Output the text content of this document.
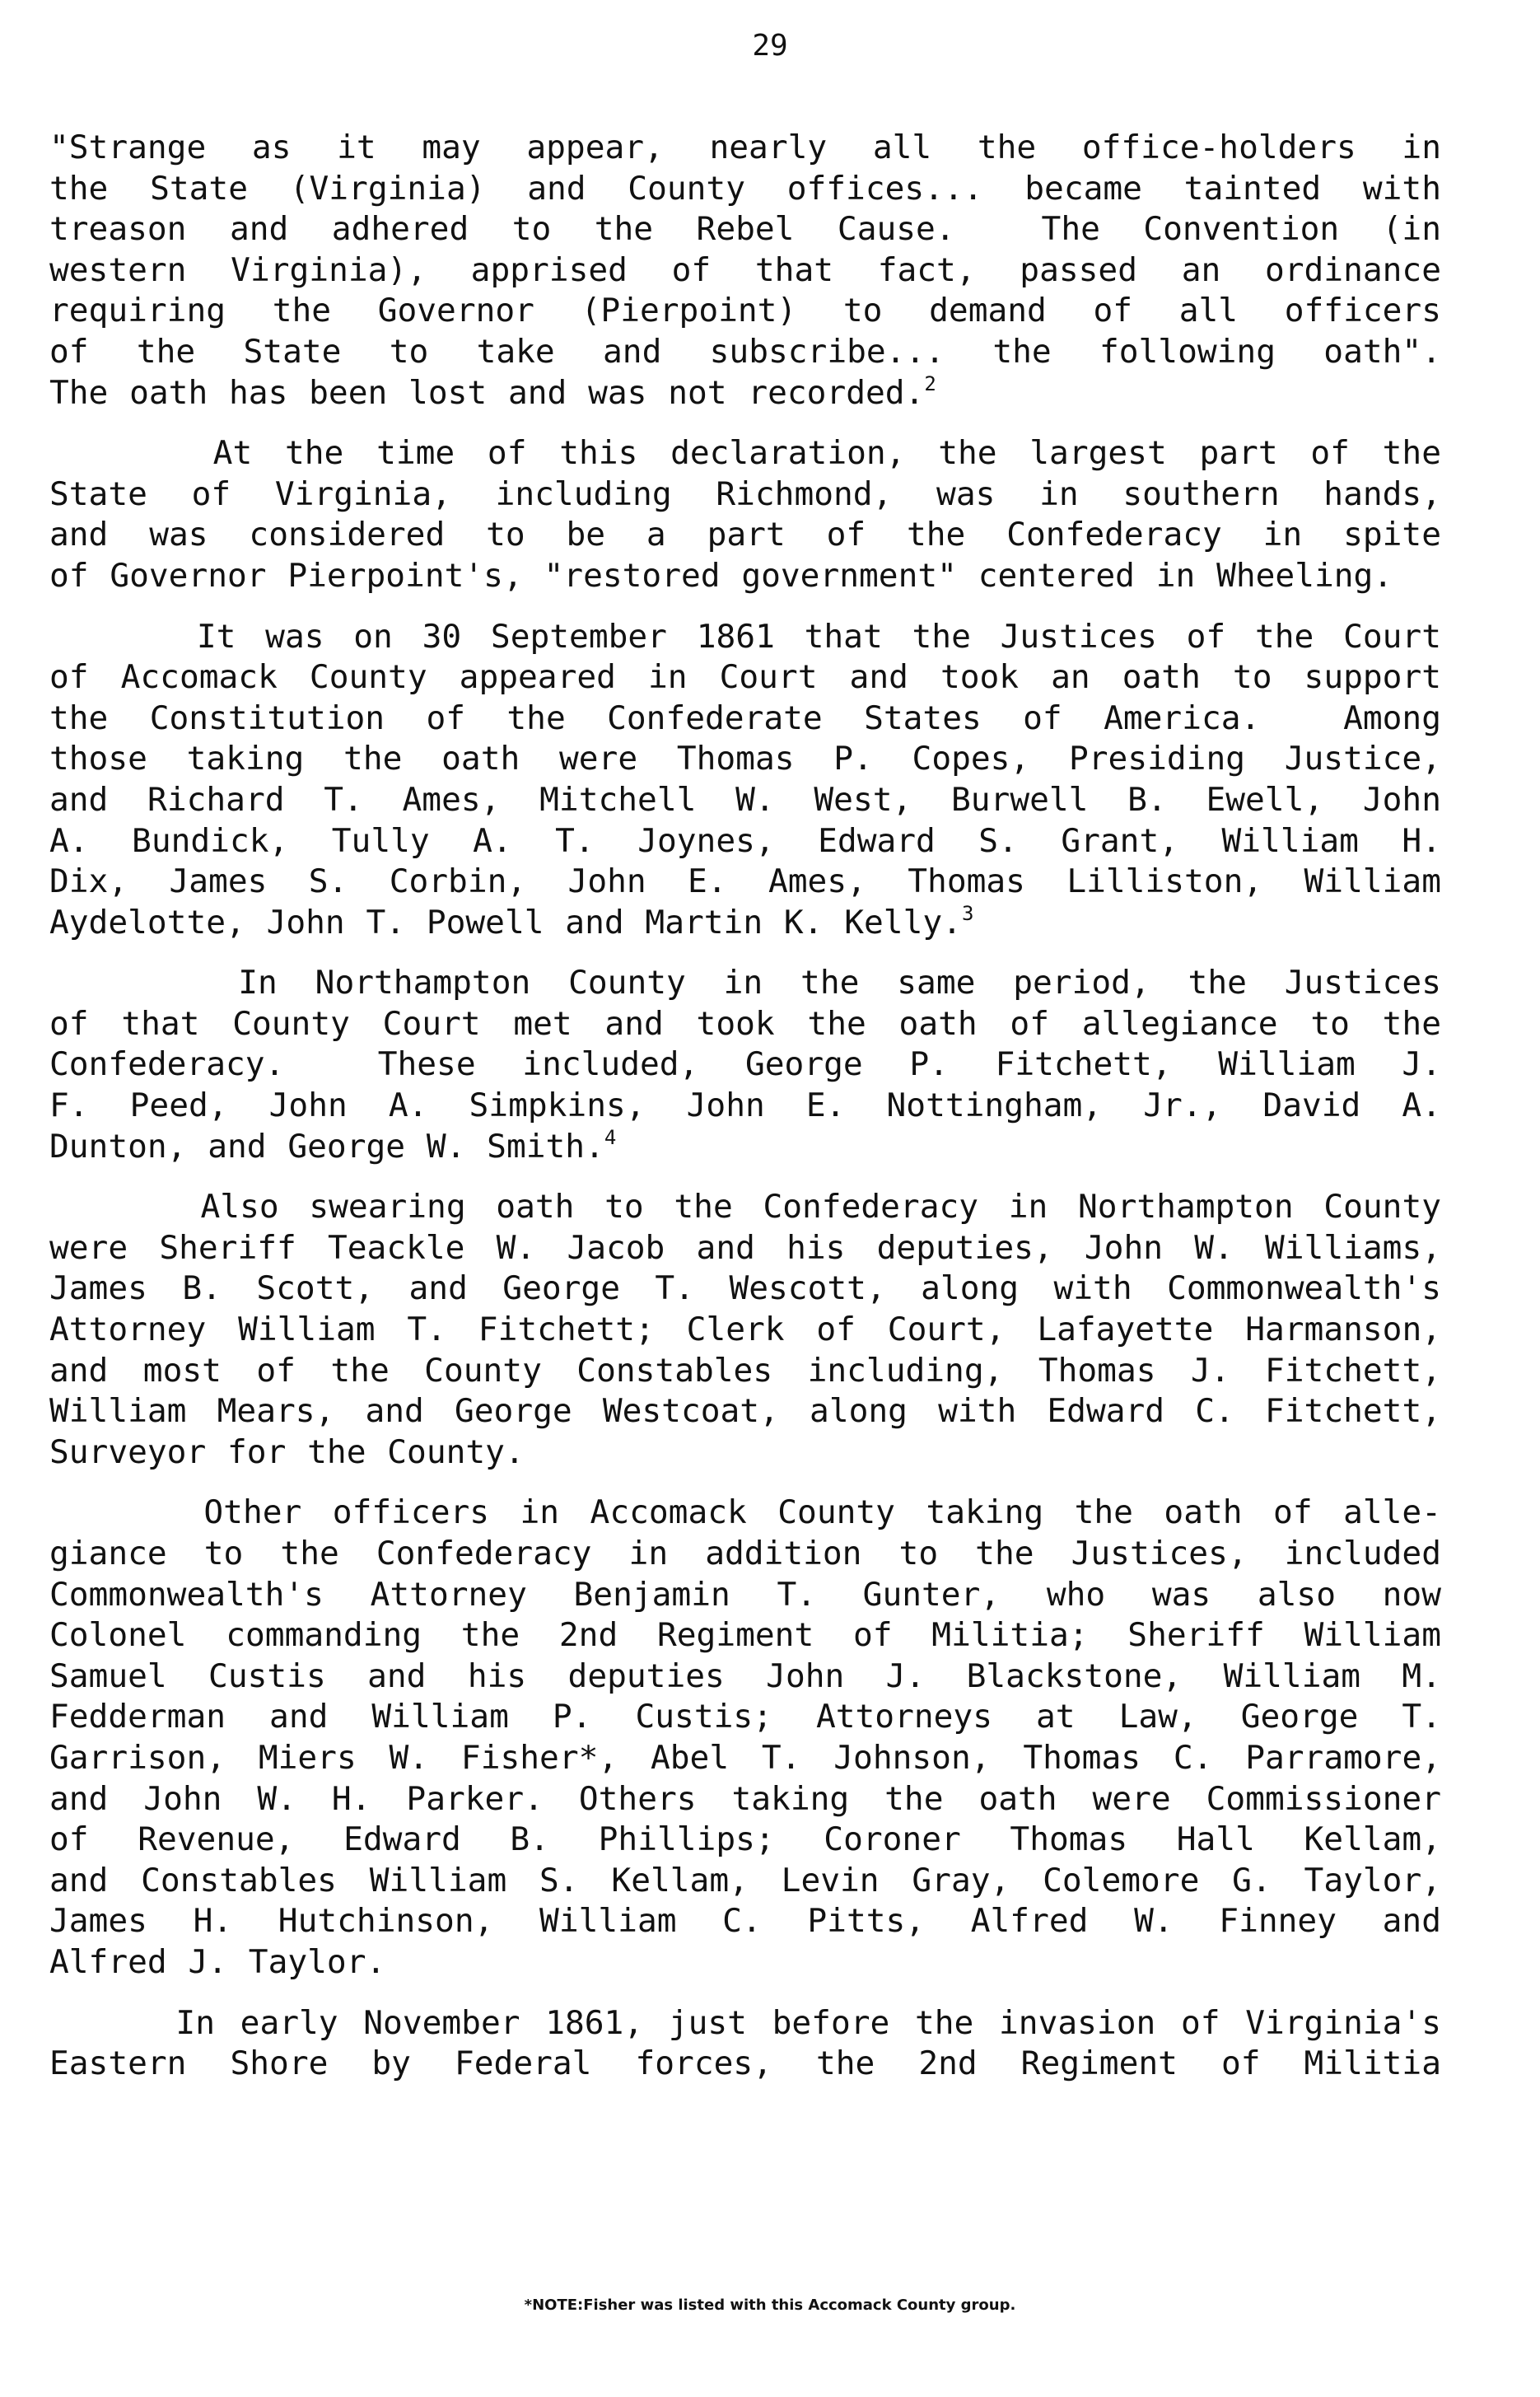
29
"Strange as it may appear, nearly all the office-holders in
the State (Virginia) and County offices... became tainted with
treason and adhered to the Rebel Cause.  The Convention (in
western Virginia), apprised of that fact, passed an ordinance
requiring the Governor (Pierpoint) to demand of all officers
of the State to take and subscribe... the following oath".
The oath has been lost and was not recorded.$^2$
At the time of this declaration, the largest part of the
State of Virginia, including Richmond, was in southern hands,
and was considered to be a part of the Confederacy in spite
of Governor Pierpoint's, "restored government" centered in Wheeling.
It was on 30 September 1861 that the Justices of the Court
of Accomack County appeared in Court and took an oath to support
the Constitution of the Confederate States of America.  Among
those taking the oath were Thomas P. Copes, Presiding Justice,
and Richard T. Ames, Mitchell W. West, Burwell B. Ewell, John
A. Bundick, Tully A. T. Joynes, Edward S. Grant, William H.
Dix, James S. Corbin, John E. Ames, Thomas Lilliston, William
Aydelotte, John T. Powell and Martin K. Kelly.$^3$
In Northampton County in the same period, the Justices
of that County Court met and took the oath of allegiance to the
Confederacy.  These included, George P. Fitchett, William J.
F. Peed, John A. Simpkins, John E. Nottingham, Jr., David A.
Dunton, and George W. Smith.$^4$
Also swearing oath to the Confederacy in Northampton County
were Sheriff Teackle W. Jacob and his deputies, John W. Williams,
James B. Scott, and George T. Wescott, along with Commonwealth's
Attorney William T. Fitchett; Clerk of Court, Lafayette Harmanson,
and most of the County Constables including, Thomas J. Fitchett,
William Mears, and George Westcoat, along with Edward C. Fitchett,
Surveyor for the County.
Other officers in Accomack County taking the oath of alle-
giance to the Confederacy in addition to the Justices, included
Commonwealth's Attorney Benjamin T. Gunter, who was also now
Colonel commanding the 2nd Regiment of Militia; Sheriff William
Samuel Custis and his deputies John J. Blackstone, William M.
Fedderman and William P. Custis; Attorneys at Law, George T.
Garrison, Miers W. Fisher*, Abel T. Johnson, Thomas C. Parramore,
and John W. H. Parker. Others taking the oath were Commissioner
of Revenue, Edward B. Phillips; Coroner Thomas Hall Kellam,
and Constables William S. Kellam, Levin Gray, Colemore G. Taylor,
James H. Hutchinson, William C. Pitts, Alfred W. Finney and
Alfred J. Taylor.
In early November 1861, just before the invasion of Virginia's
Eastern Shore by Federal forces, the 2nd Regiment of Militia
*NOTE:Fisher was listed with this Accomack County group.
